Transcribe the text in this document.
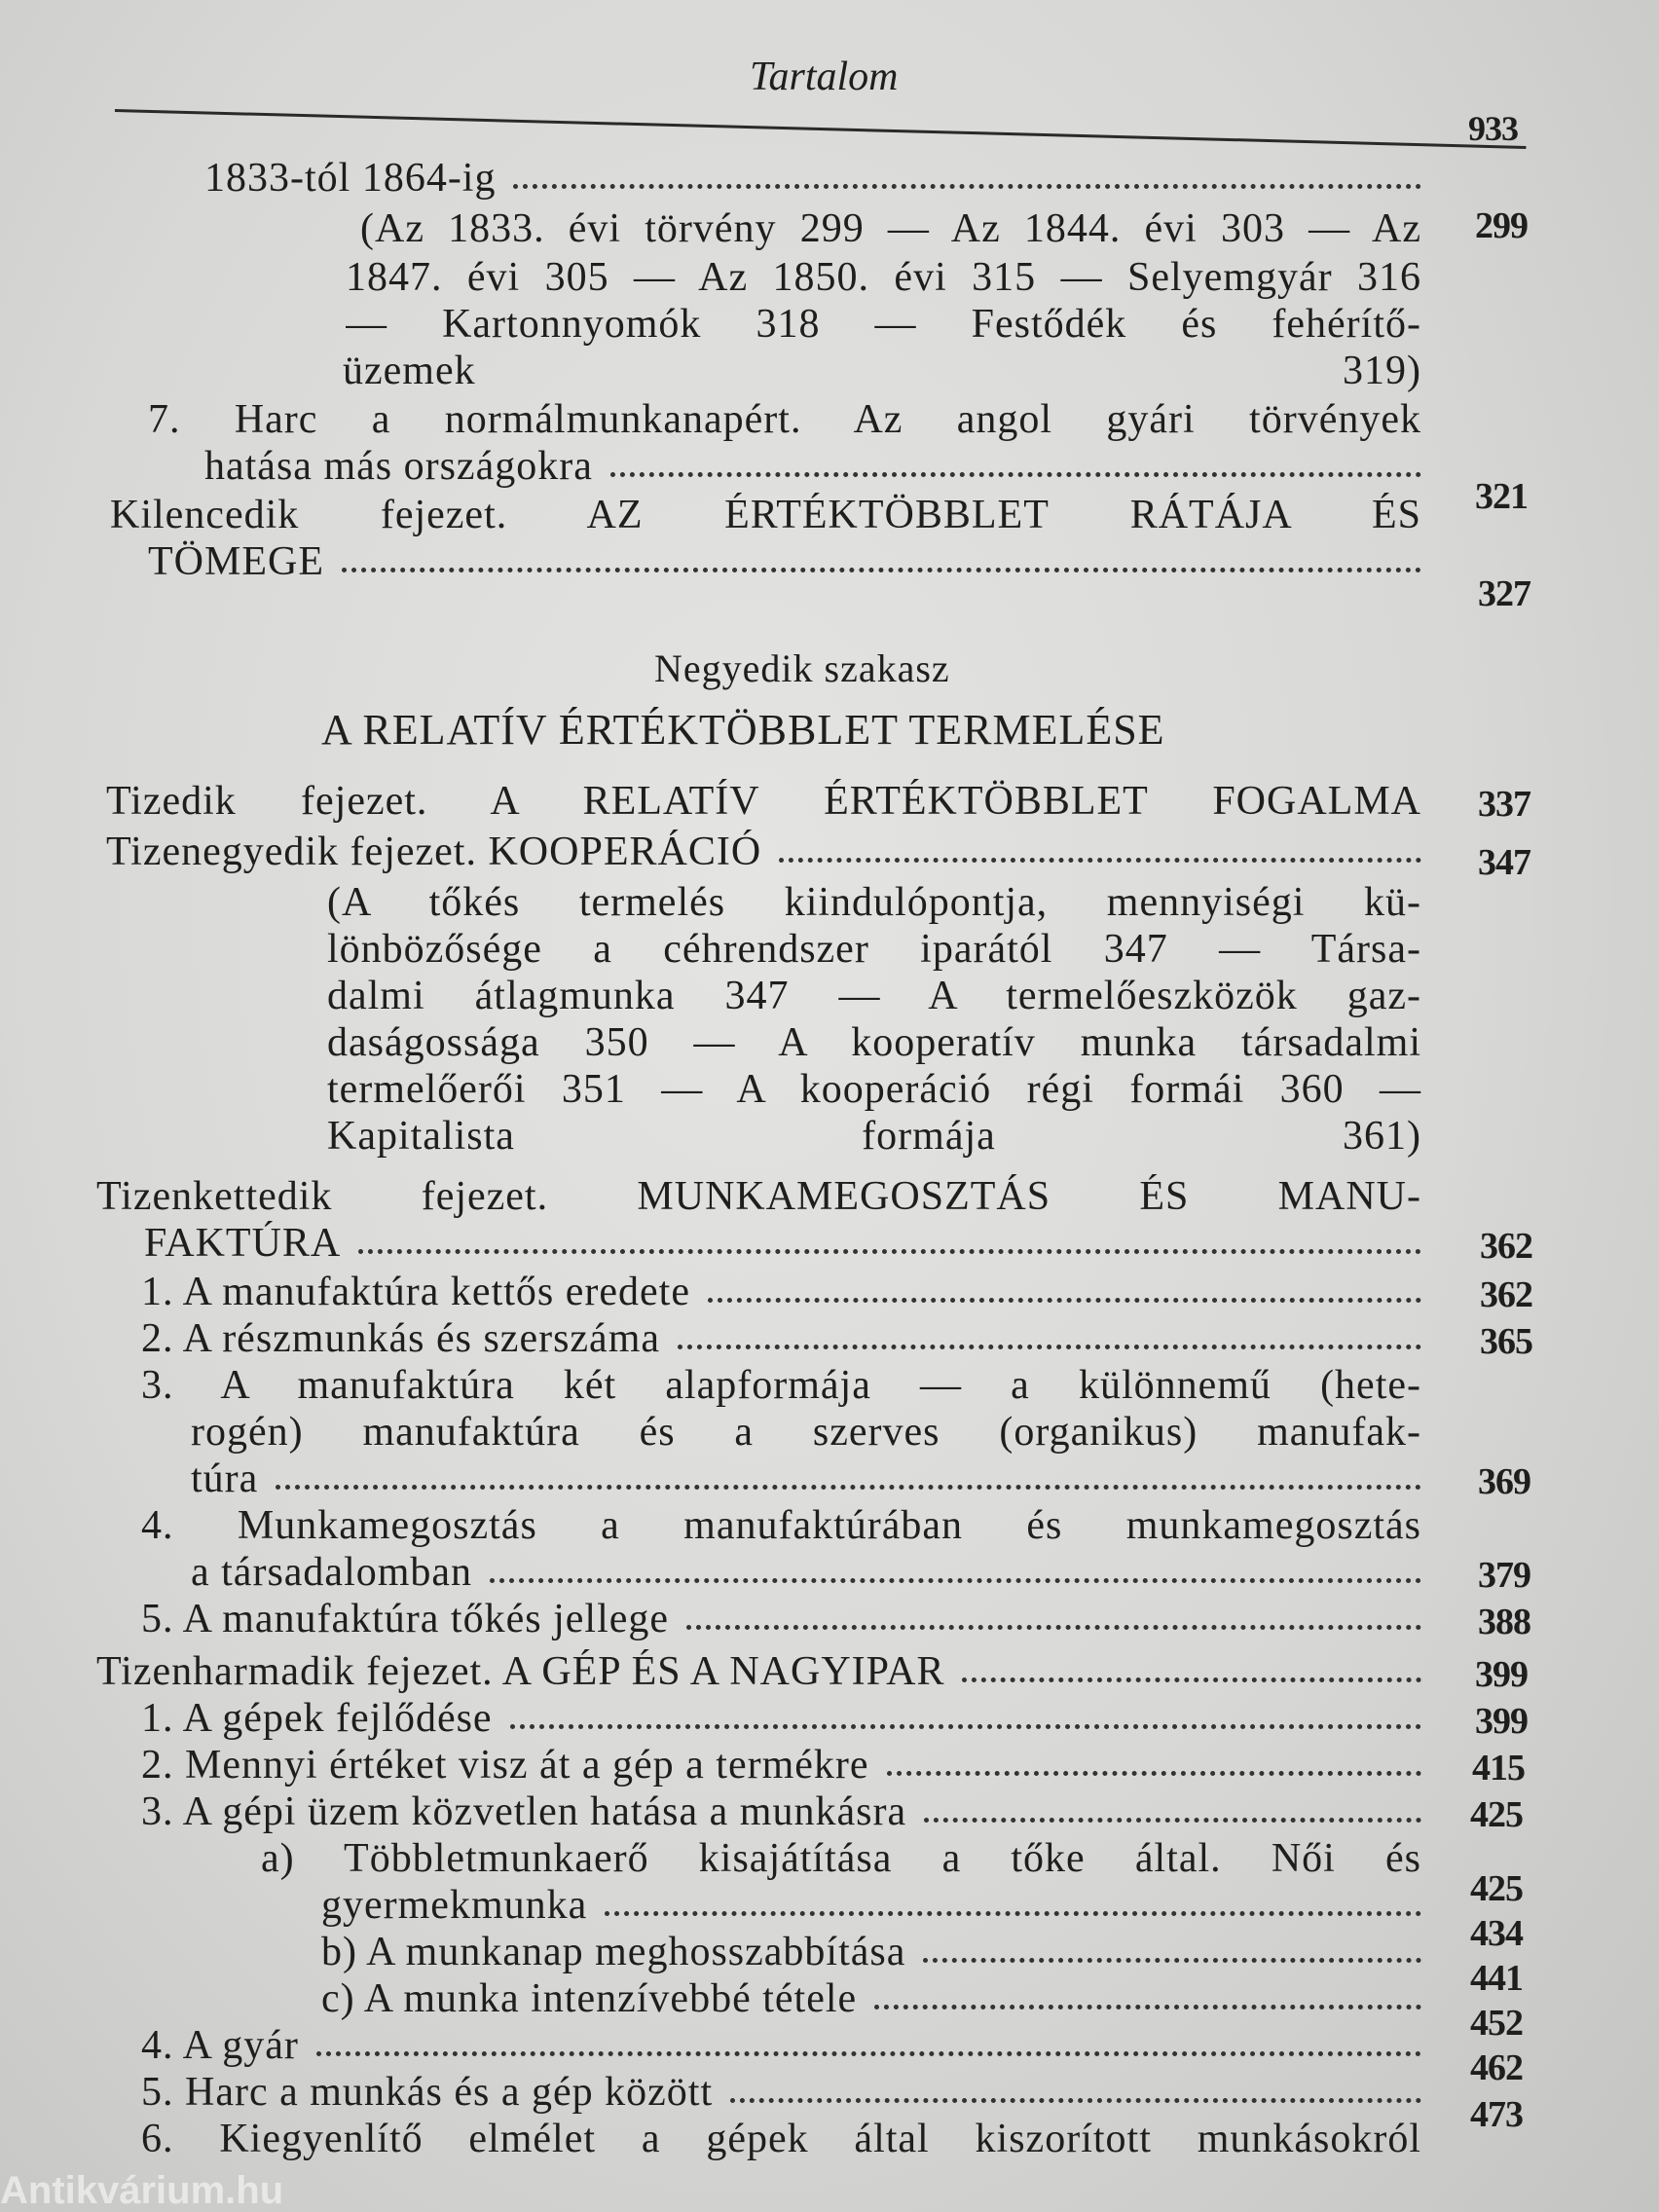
Tartalom
933
Negyedik szakasz
A RELATÍV ÉRTÉKTÖBBLET TERMELÉSE
1833-tól 1864-ig
(Az 1833. évi törvény 299 — Az 1844. évi 303 — Az
1847. évi 305 — Az 1850. évi 315 — Selyemgyár 316
— Kartonnyomók 318 — Festődék és fehérítő-
üzemek 319)
7. Harc a normálmunkanapért. Az angol gyári törvények
hatása más országokra
Kilencedik fejezet. AZ ÉRTÉKTÖBBLET RÁTÁJA ÉS
TÖMEGE
Tizedik fejezet. A RELATÍV ÉRTÉKTÖBBLET FOGALMA
Tizenegyedik fejezet. KOOPERÁCIÓ
(A tőkés termelés kiindulópontja, mennyiségi kü-
lönbözősége a céhrendszer iparától 347 — Társa-
dalmi átlagmunka 347 — A termelőeszközök gaz-
daságossága 350 — A kooperatív munka társadalmi
termelőerői 351 — A kooperáció régi formái 360 —
Kapitalista formája 361)
Tizenkettedik fejezet. MUNKAMEGOSZTÁS ÉS MANU-
FAKTÚRA
1. A manufaktúra kettős eredete
2. A részmunkás és szerszáma
3. A manufaktúra két alapformája — a különnemű (hete-
rogén) manufaktúra és a szerves (organikus) manufak-
túra
4. Munkamegosztás a manufaktúrában és munkamegosztás
a társadalomban
5. A manufaktúra tőkés jellege
Tizenharmadik fejezet. A GÉP ÉS A NAGYIPAR
1. A gépek fejlődése
2. Mennyi értéket visz át a gép a termékre
3. A gépi üzem közvetlen hatása a munkásra
a) Többletmunkaerő kisajátítása a tőke által. Női és
gyermekmunka
b) A munkanap meghosszabbítása
c) A munka intenzívebbé tétele
4. A gyár
5. Harc a munkás és a gép között
6. Kiegyenlítő elmélet a gépek által kiszorított munkásokról
299
321
327
337
347
362
362
365
369
379
388
399
399
415
425
425
434
441
452
462
473
Antikvárium.hu
